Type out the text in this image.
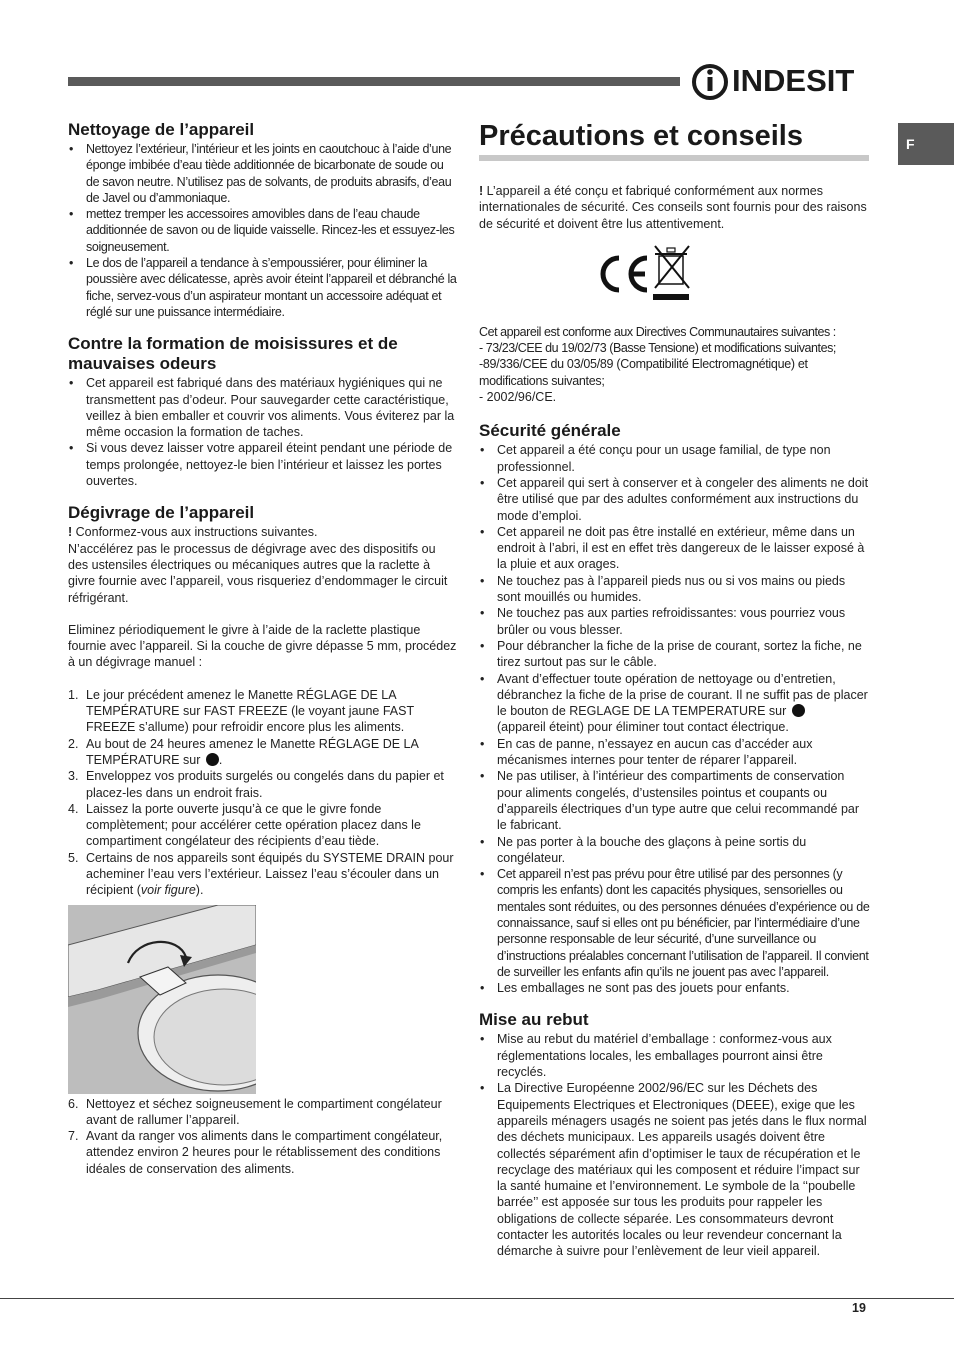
INDESIT
F
Nettoyage de l’appareil
• Nettoyez l’extérieur, l’intérieur et les joints en caoutchouc à l’aide d’une éponge imbibée d’eau tiède additionnée de bicarbonate de soude ou de savon neutre. N’utilisez pas de solvants, de produits abrasifs, d’eau de Javel ou d’ammoniaque.
• mettez tremper les accessoires amovibles dans de l’eau chaude additionnée de savon ou de liquide vaisselle. Rincez-les et essuyez-les soigneusement.
• Le dos de l’appareil a tendance à s’empoussiérer, pour éliminer la poussière avec délicatesse, après avoir éteint l’appareil et débranché la fiche, servez-vous d’un aspirateur montant un accessoire adéquat et réglé sur une puissance intermédiaire.
Contre la formation de moisissures et de mauvaises odeurs
• Cet appareil est fabriqué dans des matériaux hygiéniques qui ne transmettent pas d’odeur. Pour sauvegarder cette caractéristique, veillez à bien emballer et couvrir vos aliments. Vous éviterez par la même occasion la formation de taches.
• Si vous devez laisser votre appareil éteint pendant une période de temps prolongée, nettoyez-le bien l’intérieur et laissez les portes ouvertes.
Dégivrage de l’appareil

! Conformez-vous aux instructions suivantes.

N’accélérez pas le processus de dégivrage avec des dispositifs ou des ustensiles électriques ou mécaniques autres que la raclette à givre fournie avec l’appareil, vous risqueriez d’endommager le circuit réfrigérant.

Eliminez périodiquement le givre à l’aide de la raclette plastique fournie avec l’appareil. Si la couche de givre dépasse 5 mm, procédez à un dégivrage manuel :

1. Le jour précédent amenez le Manette RÉGLAGE DE LA TEMPÉRATURE sur FAST FREEZE (le voyant jaune FAST FREEZE s’allume) pour refroidir encore plus les aliments.
2. Au bout de 24 heures amenez le Manette RÉGLAGE DE LA TEMPÉRATURE sur .
3. Enveloppez vos produits surgelés ou congelés dans du papier et placez-les dans un endroit frais.
4. Laissez la porte ouverte jusqu’à ce que le givre fonde complètement; pour accélérer cette opération placez dans le compartiment congélateur des récipients d’eau tiède.
5. Certains de nos appareils sont équipés du SYSTEME DRAIN pour acheminer l’eau vers l’extérieur. Laissez l’eau s’écouler dans un récipient (voir figure).
6. Nettoyez et séchez soigneusement le compartiment congélateur avant de rallumer l’appareil.
7. Avant da ranger vos aliments dans le compartiment congélateur, attendez environ 2 heures pour le rétablissement des conditions idéales de conservation des aliments.
Précautions et conseils

! L’appareil a été conçu et fabriqué conformément aux normes internationales de sécurité. Ces conseils sont fournis pour des raisons de sécurité et doivent être lus attentivement.

Cet appareil est conforme aux Directives Communautaires suivantes :

- 73/23/CEE du 19/02/73 (Basse Tensione) et modifications suivantes;

-89/336/CEE du 03/05/89 (Compatibilité Electromagnétique) et modifications suivantes;

- 2002/96/CE.

Sécurité générale
• Cet appareil a été conçu pour un usage familial, de type non professionnel.
• Cet appareil qui sert à conserver et à congeler des aliments ne doit être utilisé que par des adultes conformément aux instructions du mode d’emploi.
• Cet appareil ne doit pas être installé en extérieur, même dans un endroit à l’abri, il est en effet très dangereux de le laisser exposé à la pluie et aux orages.
• Ne touchez pas à l’appareil pieds nus ou si vos mains ou pieds sont mouillés ou humides.
• Ne touchez pas aux parties refroidissantes: vous pourriez vous brûler ou vous blesser.
• Pour débrancher la fiche de la prise de courant, sortez la fiche, ne tirez surtout pas sur le câble.
• Avant d’effectuer toute opération de nettoyage ou d’entretien, débranchez la fiche de la prise de courant. Il ne suffit pas de placer le bouton de REGLAGE DE LA TEMPERATURE sur
(appareil éteint) pour éliminer tout contact électrique.
• En cas de panne, n’essayez en aucun cas d’accéder aux mécanismes internes pour tenter de réparer l’appareil.
• Ne pas utiliser, à l’intérieur des compartiments de conservation pour aliments congelés, d’ustensiles pointus et coupants ou d’appareils électriques d’un type autre que celui recommandé par le fabricant.
• Ne pas porter à la bouche des glaçons à peine sortis du congélateur.
• Cet appareil n’est pas prévu pour être utilisé par des personnes (y compris les enfants) dont les capacités physiques, sensorielles ou mentales sont réduites, ou des personnes dénuées d’expérience ou de connaissance, sauf si elles ont pu bénéficier, par l’intermédiaire d’une personne responsable de leur sécurité, d’une surveillance ou d’instructions préalables concernant l’utilisation de l’appareil. Il convient de surveiller les enfants afin qu’ils ne jouent pas avec l’appareil.
• Les emballages ne sont pas des jouets pour enfants.
Mise au rebut
• Mise au rebut du matériel d’emballage : conformez-vous aux réglementations locales, les emballages pourront ainsi être recyclés.
• La Directive Européenne 2002/96/EC sur les Déchets des Equipements Electriques et Electroniques (DEEE), exige que les appareils ménagers usagés ne soient pas jetés dans le flux normal des déchets municipaux. Les appareils usagés doivent être collectés séparément afin d’optimiser le taux de récupération et le recyclage des matériaux qui les composent et réduire l’impact sur la santé humaine et l’environnement. Le symbole de la ‘‘poubelle barrée’’ est apposée sur tous les produits pour rappeler les obligations de collecte séparée. Les consommateurs devront contacter les autorités locales ou leur revendeur concernant la démarche à suivre pour l’enlèvement de leur vieil appareil.
19
